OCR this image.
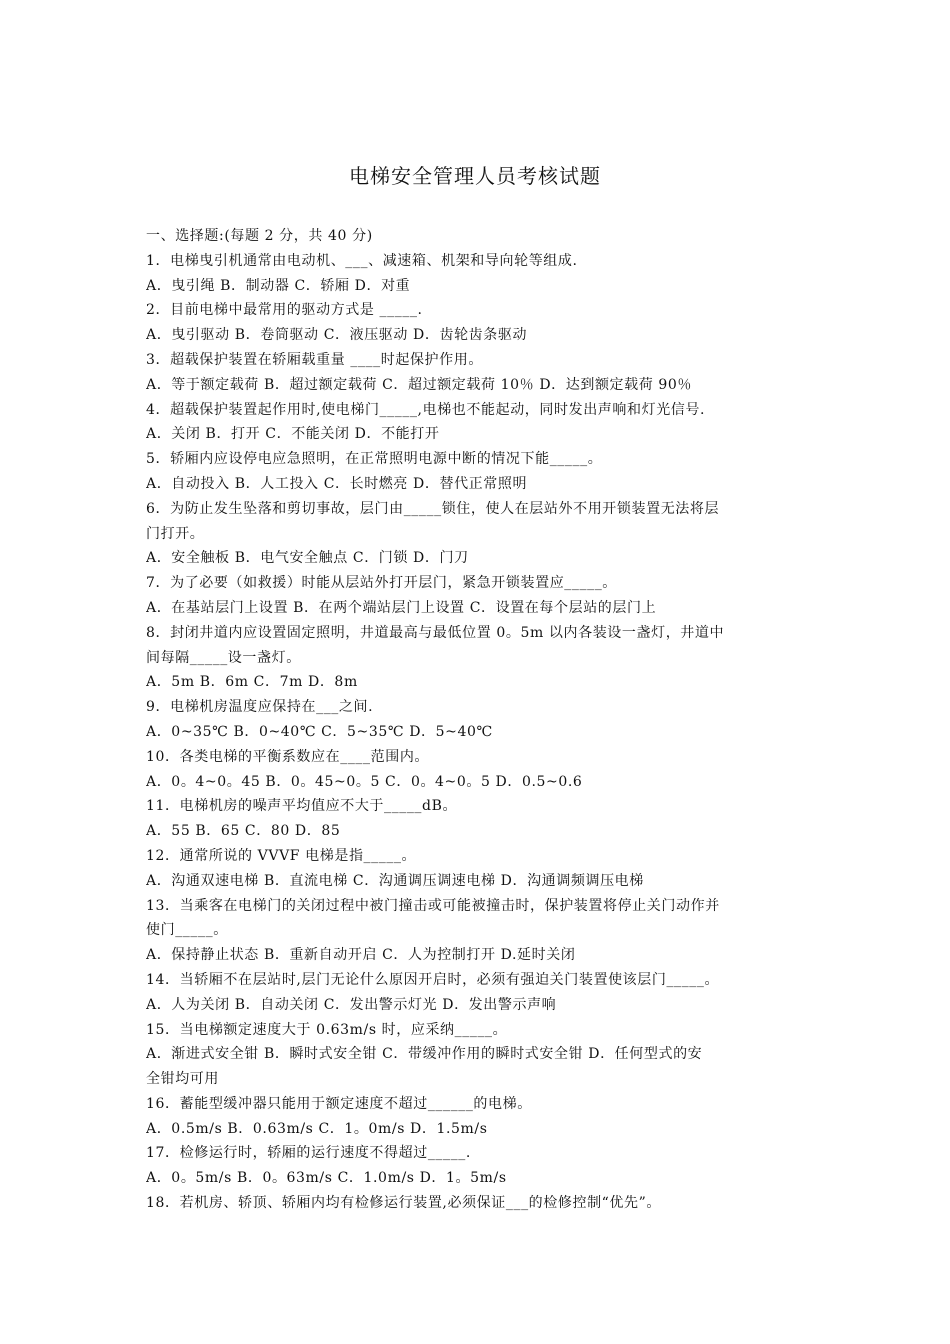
电梯安全管理人员考核试题
一、选择题:(每题 2 分，共 40 分)
1．电梯曳引机通常由电动机、___、减速箱、机架和导向轮等组成.
A．曳引绳 B．制动器 C．轿厢 D．对重
2．目前电梯中最常用的驱动方式是 _____.
A．曳引驱动 B．卷筒驱动 C．液压驱动 D．齿轮齿条驱动
3．超载保护装置在轿厢载重量 ____时起保护作用。
A．等于额定载荷 B．超过额定载荷 C．超过额定载荷 10％ D．达到额定载荷 90％
4．超载保护装置起作用时,使电梯门_____,电梯也不能起动，同时发出声响和灯光信号.
A．关闭 B．打开 C．不能关闭 D．不能打开
5．轿厢内应设停电应急照明，在正常照明电源中断的情况下能_____。
A．自动投入 B．人工投入 C．长时燃亮 D．替代正常照明
6．为防止发生坠落和剪切事故，层门由_____锁住，使人在层站外不用开锁装置无法将层
门打开。
A．安全触板 B．电气安全触点 C．门锁 D．门刀
7．为了必要（如救援）时能从层站外打开层门，紧急开锁装置应_____。
A．在基站层门上设置 B．在两个端站层门上设置 C．设置在每个层站的层门上
8．封闭井道内应设置固定照明，井道最高与最低位置 0。5m 以内各装设一盏灯，井道中
间每隔_____设一盏灯。
A．5m B．6m C．7m D．8m
9．电梯机房温度应保持在___之间.
A．0~35℃ B．0~40℃ C．5~35℃ D．5~40℃
10．各类电梯的平衡系数应在____范围内。
A．0。4~0。45 B．0。45~0。5 C．0。4~0。5 D．0.5~0.6
11．电梯机房的噪声平均值应不大于_____dB。
A．55 B．65 C．80 D．85
12．通常所说的 VVVF 电梯是指_____。
A．沟通双速电梯 B．直流电梯 C．沟通调压调速电梯 D．沟通调频调压电梯
13．当乘客在电梯门的关闭过程中被门撞击或可能被撞击时，保护装置将停止关门动作并
使门_____。
A．保持静止状态 B．重新自动开启 C．人为控制打开 D.延时关闭
14．当轿厢不在层站时,层门无论什么原因开启时，必须有强迫关门装置使该层门_____。
A．人为关闭 B．自动关闭 C．发出警示灯光 D．发出警示声响
15．当电梯额定速度大于 0.63m/s 时，应采纳_____。
A．渐进式安全钳 B．瞬时式安全钳 C．带缓冲作用的瞬时式安全钳 D．任何型式的安
全钳均可用
16．蓄能型缓冲器只能用于额定速度不超过______的电梯。
A．0.5m/s B．0.63m/s C．1。0m/s D．1.5m/s
17．检修运行时，轿厢的运行速度不得超过_____.
A．0。5m/s B．0。63m/s C．1.0m/s D．1。5m/s
18．若机房、轿顶、轿厢内均有检修运行装置,必须保证___的检修控制“优先”。
